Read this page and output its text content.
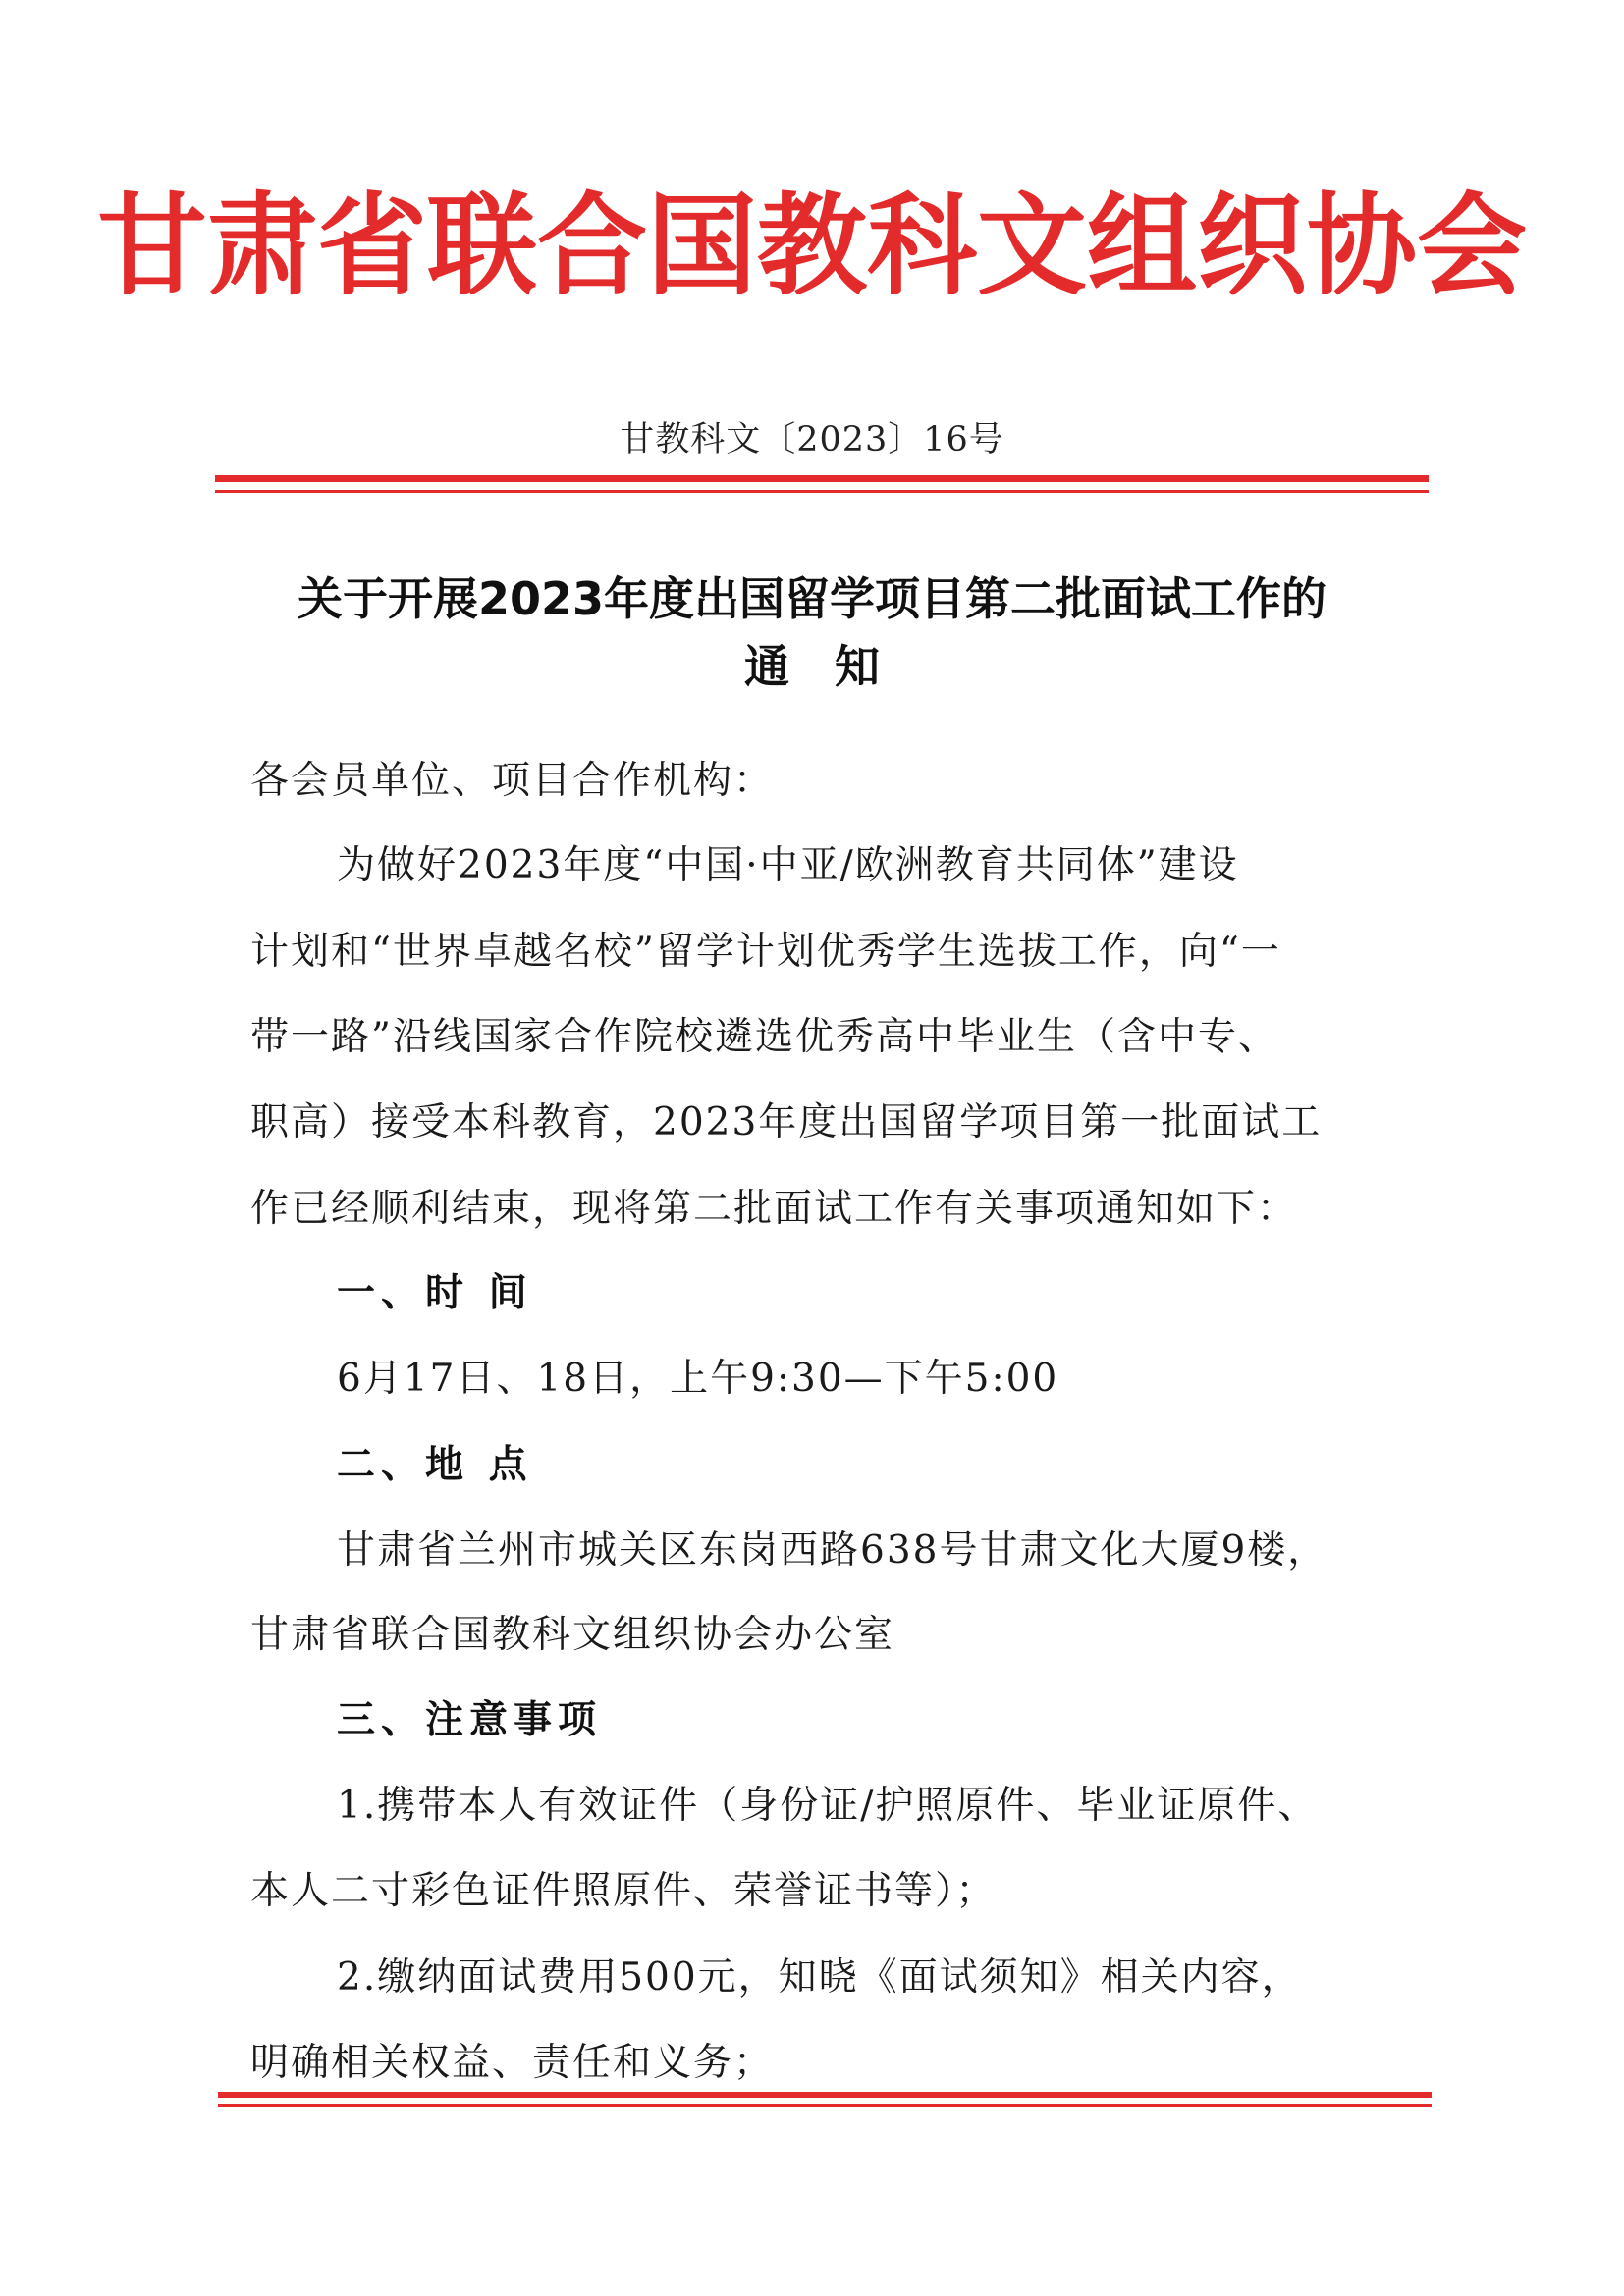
甘肃省联合国教科文组织协会
甘教科文〔2023〕16号
关于开展2023年度出国留学项目第二批面试工作的
通　知
各会员单位、项目合作机构：
为做好2023年度“中国·中亚/欧洲教育共同体”建设
计划和“世界卓越名校”留学计划优秀学生选拔工作，向“一
带一路”沿线国家合作院校遴选优秀高中毕业生（含中专、
职高）接受本科教育，2023年度出国留学项目第一批面试工
作已经顺利结束，现将第二批面试工作有关事项通知如下：
一、时 间
6月17日、18日，上午9:30—下午5:00
二、地 点
甘肃省兰州市城关区东岗西路638号甘肃文化大厦9楼，
甘肃省联合国教科文组织协会办公室
三、注意事项
1.携带本人有效证件（身份证/护照原件、毕业证原件、
本人二寸彩色证件照原件、荣誉证书等）；
2.缴纳面试费用500元，知晓《面试须知》相关内容，
明确相关权益、责任和义务；
